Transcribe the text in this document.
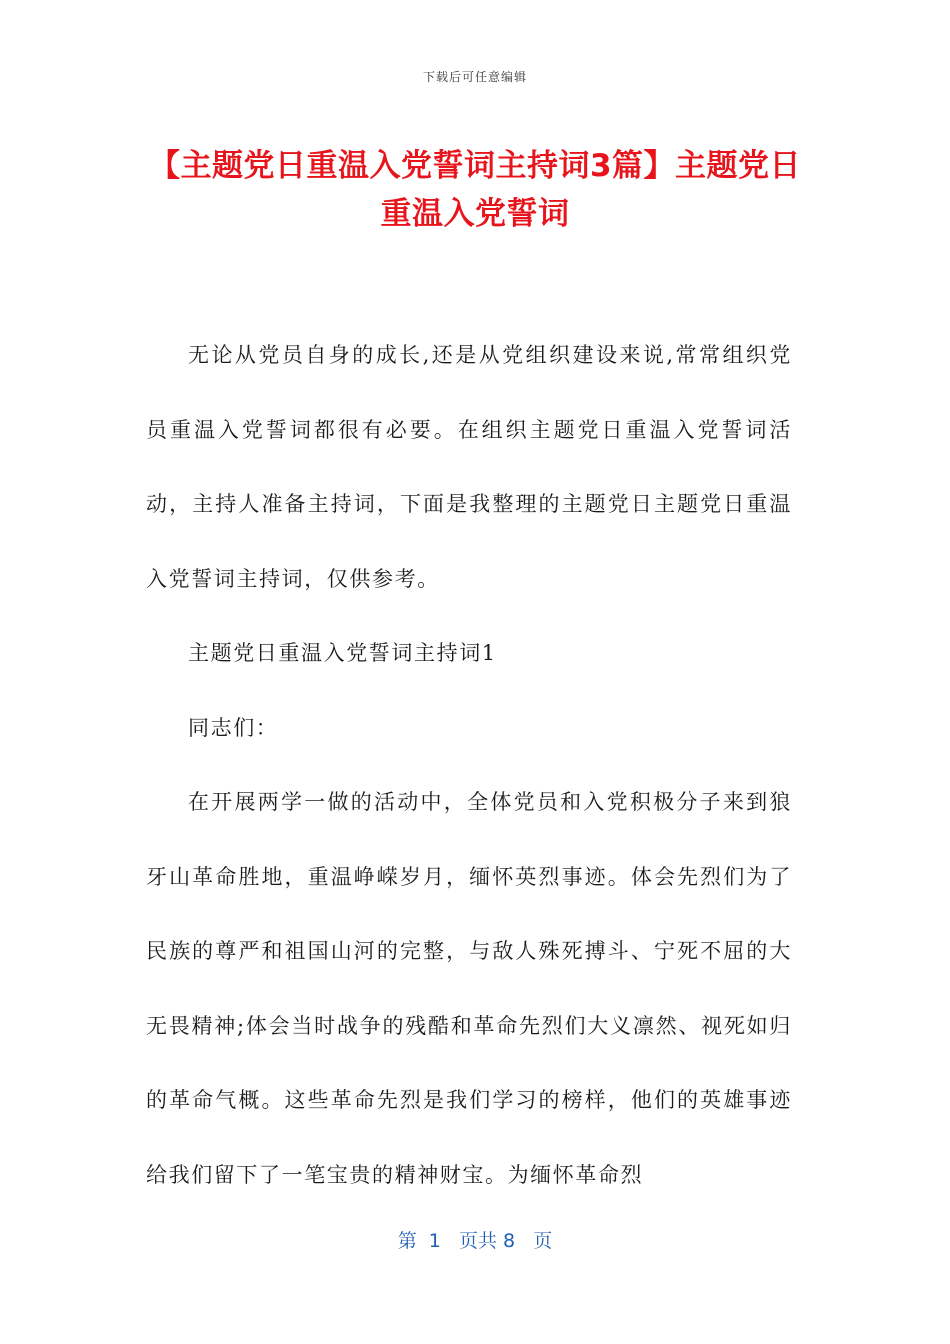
下载后可任意编辑
【主题党日重温入党誓词主持词3篇】主题党日重温入党誓词

无论从党员自身的成长,还是从党组织建设来说,常常组织党员重温入党誓词都很有必要。在组织主题党日重温入党誓词活动，主持人准备主持词，下面是我整理的主题党日主题党日重温入党誓词主持词，仅供参考。

主题党日重温入党誓词主持词1

同志们：

在开展两学一做的活动中，全体党员和入党积极分子来到狼牙山革命胜地，重温峥嵘岁月，缅怀英烈事迹。体会先烈们为了民族的尊严和祖国山河的完整，与敌人殊死搏斗、宁死不屈的大无畏精神;体会当时战争的残酷和革命先烈们大义凛然、视死如归的革命气概。这些革命先烈是我们学习的榜样，他们的英雄事迹给我们留下了一笔宝贵的精神财宝。为缅怀革命烈

第  1   页共 8   页
